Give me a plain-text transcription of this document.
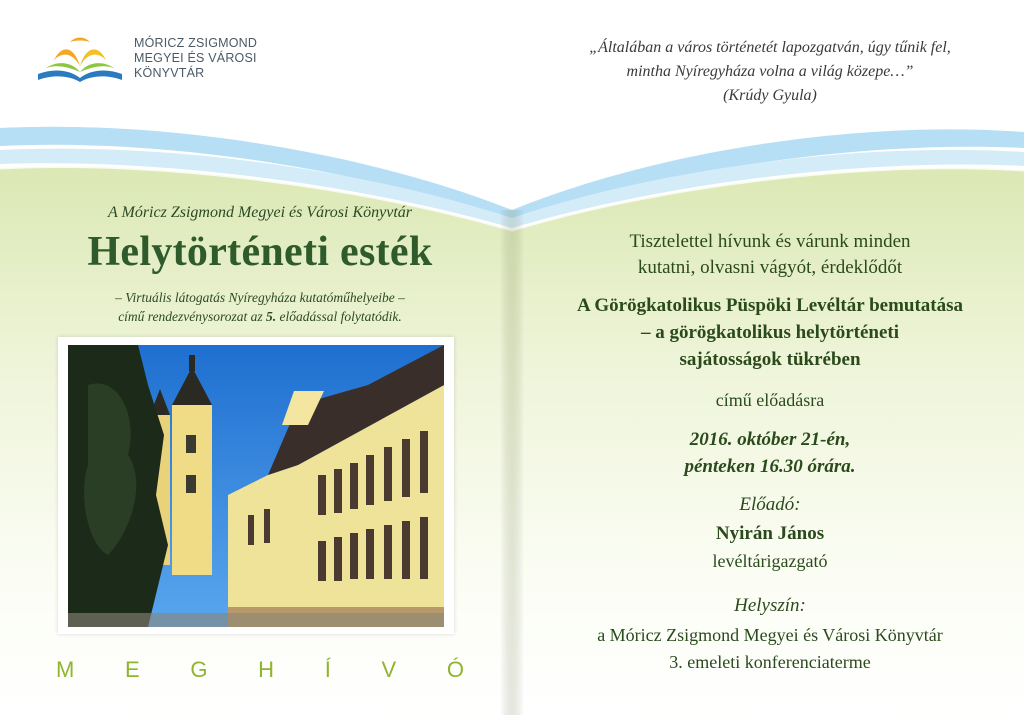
MÓRICZ ZSIGMOND
MEGYEI ÉS VÁROSI
KÖNYVTÁR
„Általában a város történetét lapozgatván, úgy tűnik fel,
mintha Nyíregyháza volna a világ közepe…”
(Krúdy Gyula)
A Móricz Zsigmond Megyei és Városi Könyvtár
Helytörténeti esték
– Virtuális látogatás Nyíregyháza kutatóműhelyeibe –
című rendezvénysorozat az 5. előadással folytatódik.
M E G H Í V Ó
Tisztelettel hívunk és várunk minden
kutatni, olvasni vágyót, érdeklődőt
A Görögkatolikus Püspöki Levéltár bemutatása
– a görögkatolikus helytörténeti
sajátosságok tükrében
című előadásra
2016. október 21-én,
pénteken 16.30 órára.
Előadó:
Nyirán János
levéltárigazgató
Helyszín:
a Móricz Zsigmond Megyei és Városi Könyvtár
3. emeleti konferenciaterme
